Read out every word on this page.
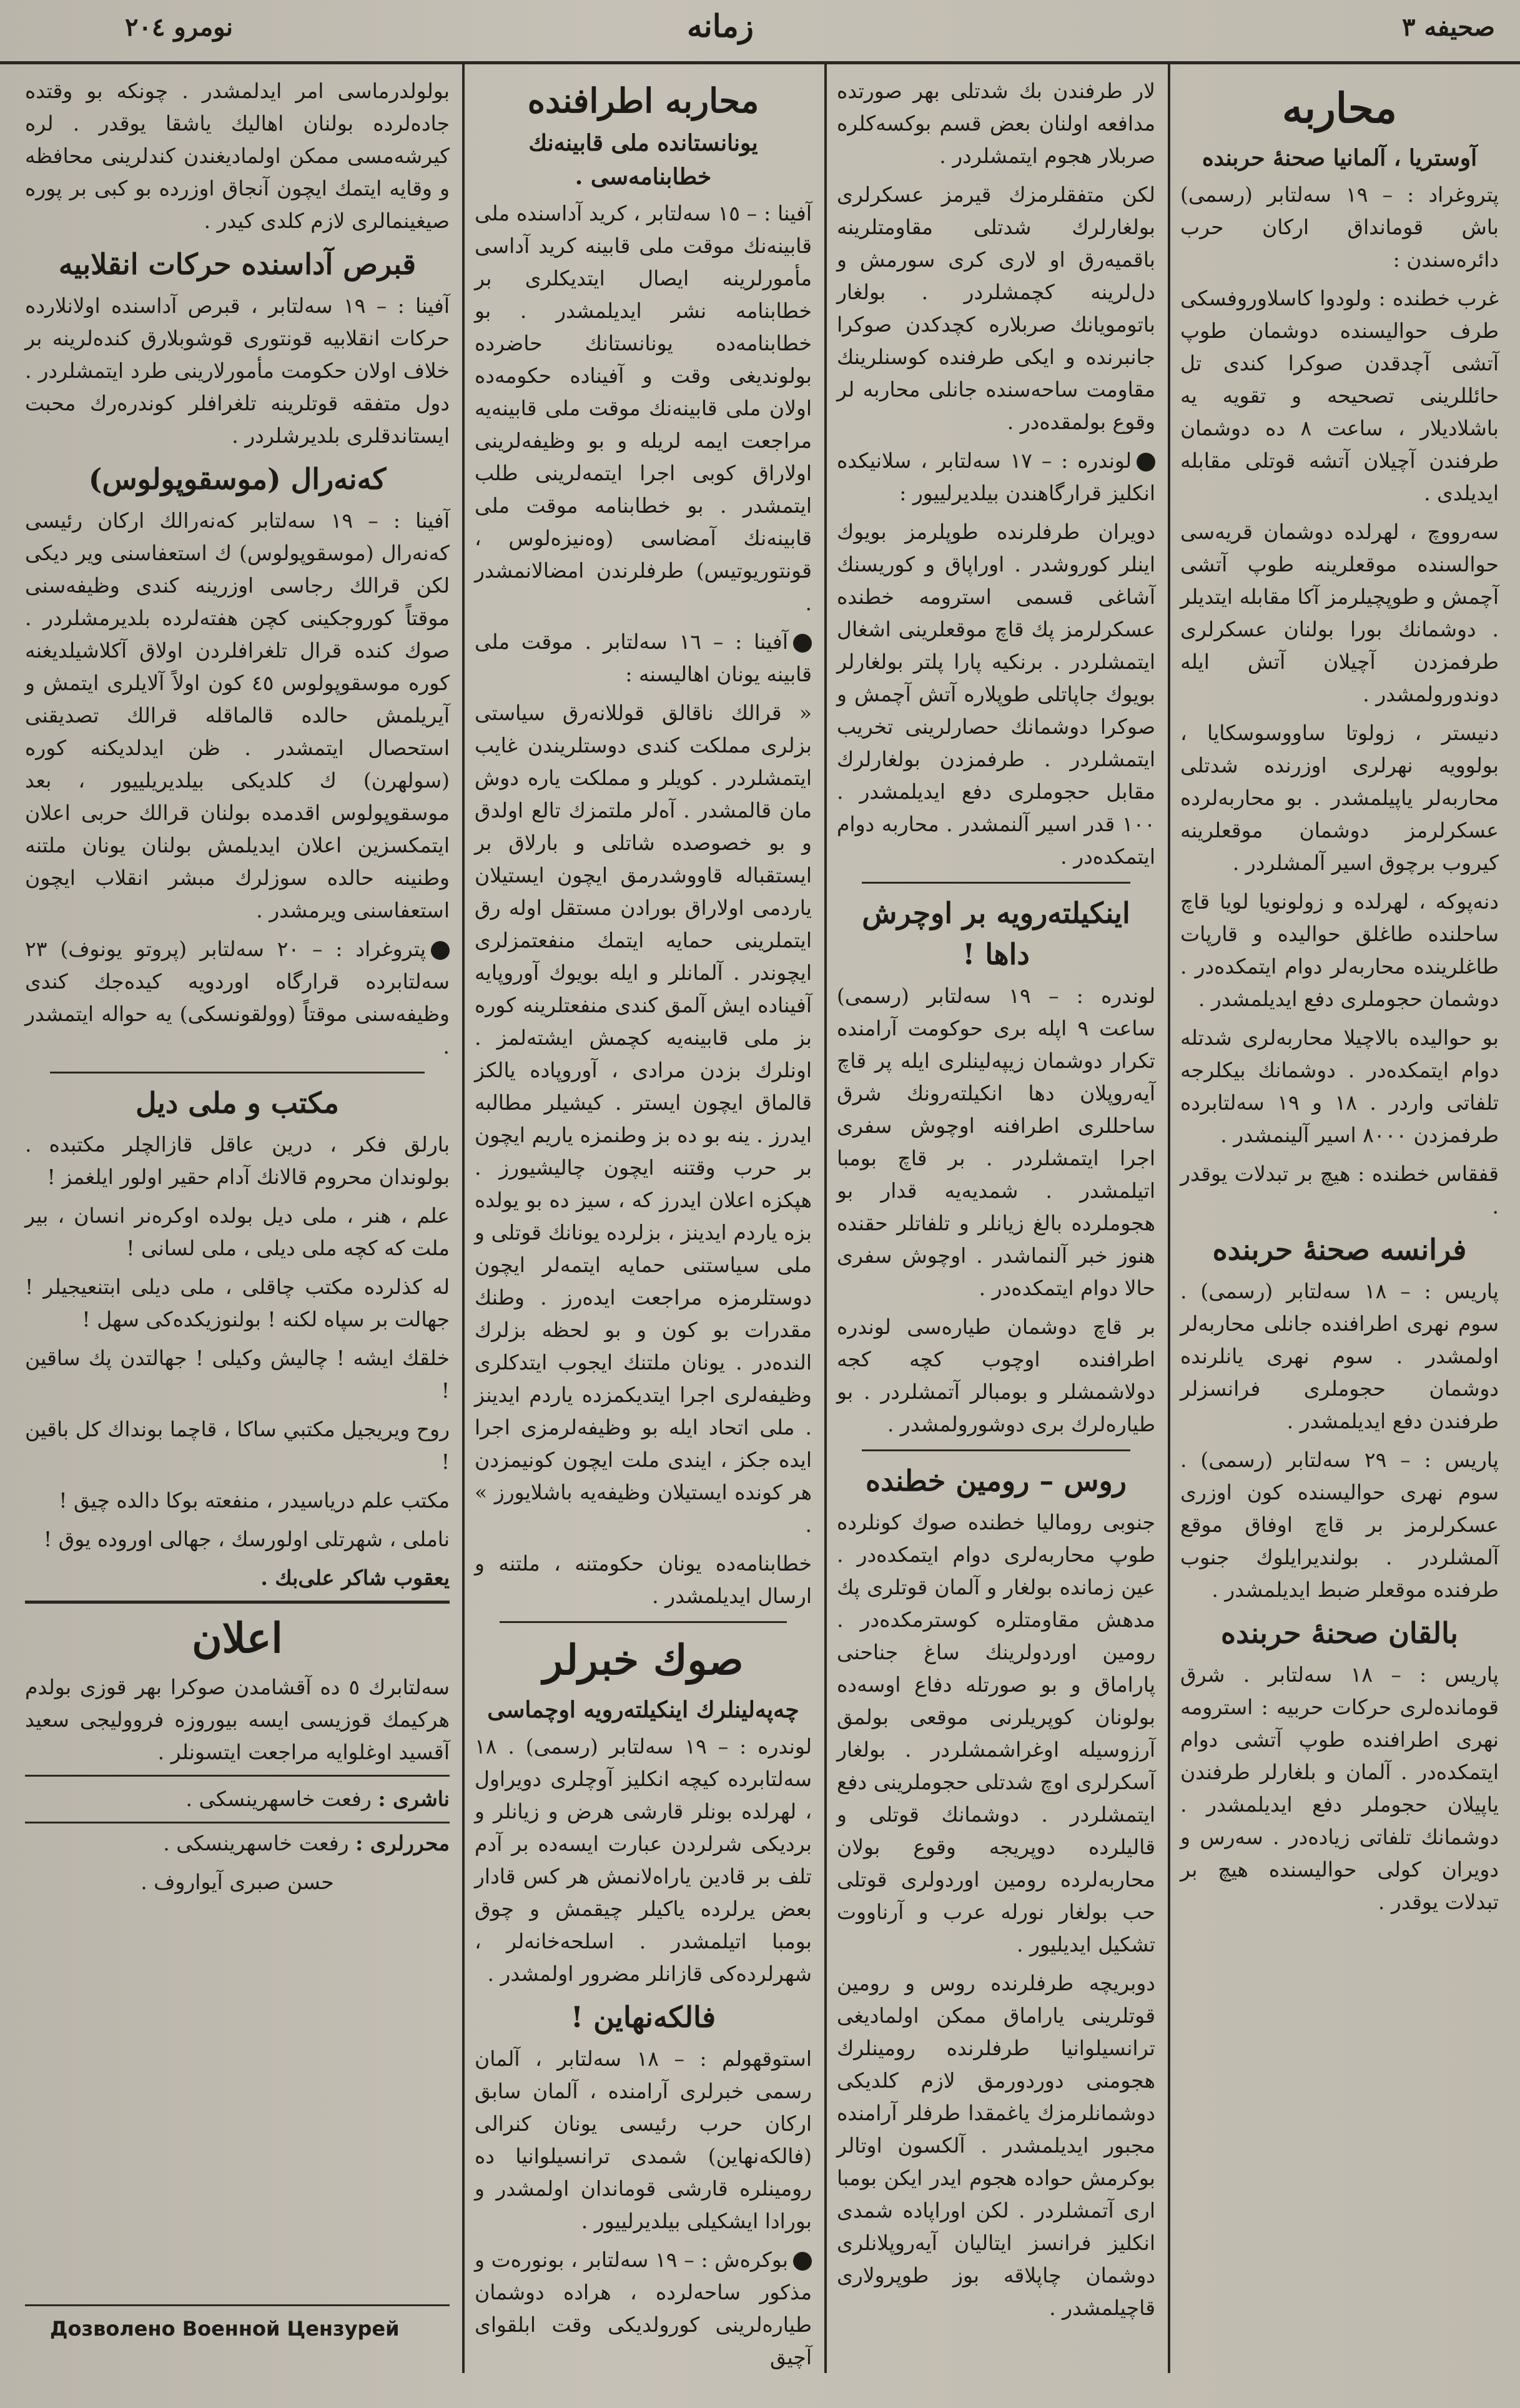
صحيفه ٣
زمانه
نومرو ٢٠٤
محاربه
آوستريا ، آلمانيا صحنۀ حربنده

پتروغراد : – ١٩ سه‌لتابر (رسمى) باش قومانداق اركان حرب دائره‌سندن :

غرب خطنده : ولودوا كاسلاوروفسكى طرف حواليسنده دوشمان طوپ آتشى آچدقدن صوكرا كندى تل حائللرينى تصحيحه و تقويه يه باشلاديلار ، ساعت ٨ ده دوشمان طرفندن آچيلان آتشه قوتلى مقابله ايديلدى .

سه‌رووچ ، لهرلده دوشمان قريه‌سى حوالسنده موقعلرينه طوپ آتشى آچمش و طوپچيلرمز آكا مقابله ايتديلر . دوشمانك بورا بولنان عسكرلرى طرفمزدن آچيلان آتش ايله دوندورولمشدر .

دنيستر ، زولوتا ساووسوسكايا ، بولوويه نهرلرى اوزرنده شدتلى محاربه‌لر ياپيلمشدر . بو محاربه‌لرده عسكرلرمز دوشمان موقعلرينه كيروب برچوق اسير آلمشلردر .

دنه‌پوكه ، لهرلده و زولونويا لويا قاچ ساحلنده طاغلق حواليده و قارپات طاغلرينده محاربه‌لر دوام ايتمكده‌در . دوشمان حجوملرى دفع ايديلمشدر .

بو حواليده بالاچيلا محاربه‌لرى شدتله دوام ايتمكده‌در . دوشمانك بيكلرجه تلفاتى واردر . ١٨ و ١٩ سه‌لتابرده طرفمزدن ٨٠٠٠ اسير آلينمشدر .

قفقاس خطنده : هيچ بر تبدلات يوقدر .

فرانسه صحنۀ حربنده

پاريس : – ١٨ سه‌لتابر (رسمى) . سوم نهرى اطرافنده جانلى محاربه‌لر اولمشدر . سوم نهرى يانلرنده دوشمان حجوملرى فرانسزلر طرفندن دفع ايديلمشدر .

پاريس : – ٢٩ سه‌لتابر (رسمى) . سوم نهرى حواليسنده كون اوزرى عسكرلرمز بر قاچ اوفاق موقع آلمشلردر . بولنديرايلوك جنوب طرفنده موقعلر ضبط ايديلمشدر .

بالقان صحنۀ حربنده

پاريس : – ١٨ سه‌لتابر . شرق قومانده‌لرى حركات حربيه : استرومه نهرى اطرافنده طوپ آتشى دوام ايتمكده‌در . آلمان و بلغارلر طرفندن ياپيلان حجوملر دفع ايديلمشدر . دوشمانك تلفاتى زياده‌در . سه‌رس و دويران كولى حواليسنده هيچ بر تبدلات يوقدر .

لار طرفندن بك شدتلى بهر صورتده مدافعه اولنان بعض قسم بوكسه‌كلره صربلار هجوم ايتمشلردر .

لكن متفقلرمزك قيرمز عسكرلرى بولغارلرك شدتلى مقاومتلرينه باقميه‌رق او لارى كرى سورمش و دل‌لرينه كچمشلردر . بولغار باتومويانك صربلاره كچدكدن صوكرا جانبرنده و ايكى طرفنده كوسنلرينك مقاومت ساحه‌سنده جانلى محاربه لر وقوع بولمقده‌در .

لوندره : – ١٧ سه‌لتابر ، سلانيكده انكليز قرارگاهندن بيلديرلييور :

دويران طرفلرنده طوپلرمز بويوك اينلر كوروشدر . اوراپاق و كوريسنك آشاغى قسمى استرومه خطنده عسكرلرمز پك قاچ موقعلرينى اشغال ايتمشلردر . برنكيه پارا پلتر بولغارلر بويوك جاپاتلى طوپلاره آتش آچمش و صوكرا دوشمانك حصارلرينى تخريب ايتمشلردر . طرفمزدن بولغارلرك مقابل حجوملرى دفع ايديلمشدر . ١٠٠ قدر اسير آلنمشدر . محاربه دوام ايتمكده‌در .

اينكيلته‌رويه بر اوچرش داها !

لوندره : – ١٩ سه‌لتابر (رسمى) ساعت ٩ اپله برى حوكومت آرامنده تكرار دوشمان زيپه‌لينلرى ايله پر قاچ آيه‌روپلان دها انكيلته‌رونك شرق ساحللرى اطرافنه اوچوش سفرى اجرا ايتمشلردر . بر قاچ بومبا اتيلمشدر . شمديه‌يه قدار بو هجوملرده بالغ زيانلر و تلفاتلر حقنده هنوز خبر آلنماشدر . اوچوش سفرى حالا دوام ايتمكده‌در .

بر قاچ دوشمان طياره‌سى لوندره اطرافنده اوچوب كچه كجه دولاشمشلر و بومبالر آتمشلردر . بو طياره‌لرك برى دوشورولمشدر .

روس – رومين خطنده

جنوبى روماليا خطنده صوك كونلرده طوپ محاربه‌لرى دوام ايتمكده‌در . عين زمانده بولغار و آلمان قوتلرى پك مدهش مقاومتلره كوسترمكده‌در . رومين اوردولرينك ساغ جناحنى پاراماق و بو صورتله دفاع اوسه‌ده بولونان كوپريلرنى موقعى بولمق آرزوسيله اوغراشمشلردر . بولغار آسكرلرى اوچ شدتلى حجوملرينى دفع ايتمشلردر . دوشمانك قوتلى و قاليلرده دوپريجه وقوع بولان محاربه‌لرده رومين اوردولرى قوتلى حب بولغار نورله عرب و آرناووت تشكيل ايديليور .

دوبريچه طرفلرنده روس و رومين قوتلرينى ياراماق ممكن اولماديغى ترانسيلوانيا طرفلرنده رومينلرك هجومنى دوردورمق لازم كلديكى دوشمانلرمزك ياغمقدا طرفلر آرامنده مجبور ايديلمشدر . آلكسون اوتالر بوكرمش حواده هجوم ايدر ايكن بومبا ارى آتمشلردر . لكن اوراپاده شمدى انكليز فرانسز ايتاليان آيه‌روپلانلرى دوشمان چاپلاقه بوز طوپرولارى قاچيلمشدر .

محاربه اطرافنده
يونانستانده ملى قابينه‌نك خطابنامه‌سى .

آفينا : – ١٥ سه‌لتابر ، كريد آداسنده ملى قابينه‌نك موقت ملى قابينه كريد آداسى مأمورلرينه ايصال ايتديكلرى بر خطابنامه نشر ايديلمشدر . بو خطابنامه‌ده يونانستانك حاضرده بولونديغى وقت و آفيناده حكومه‌ده اولان ملى قابينه‌نك موقت ملى قابينه‌يه مراجعت ايمه لريله و بو وظيفه‌لرينى اولاراق كوبى اجرا ايتمه‌لرينى طلب ايتمشدر . بو خطابنامه موقت ملى قابينه‌نك آمضاسى (وه‌نيزه‌لوس ، قونتوريوتيس) طرفلرندن امضالانمشدر .

آفينا : – ١٦ سه‌لتابر . موقت ملى قابينه يونان اهاليسنه :

« قرالك ناقالق قوللانه‌رق سياستى بزلرى مملكت كندى دوستلريندن غايب ايتمشلردر . كويلر و مملكت ياره دوش مان قالمشدر . آه‌لر ملتمزك تالع اولدق و بو خصوصده شاتلى و بارلاق بر ايستقباله قاووشدرمق ايچون ايستيلان ياردمى اولاراق بورادن مستقل اوله رق ايتملرينى حمايه ايتمك منفعتمزلرى ايچوندر . آلمانلر و ايله بويوك آوروپايه آفيناده ايش آلمق كندى منفعتلرينه كوره بز ملى قابينه‌يه كچمش ايشته‌لمز . اونلرك بزدن مرادى ، آوروپاده يالكز قالماق ايچون ايستر . كيشيلر مطالبه ايدرز . ينه بو ده بز وطنمزه ياريم ايچون بر حرب وقتنه ايچون چاليشيورز . هپكزه اعلان ايدرز كه ، سيز ده بو يولده بزه ياردم ايدينز ، بزلرده يونانك قوتلى و ملى سياستنى حمايه ايتمه‌لر ايچون دوستلرمزه مراجعت ايده‌رز . وطنك مقدرات بو كون و بو لحظه بزلرك النده‌در . يونان ملتنك ايجوب ايتدكلرى وظيفه‌لرى اجرا ايتديكمزده ياردم ايدينز . ملى اتحاد ايله بو وظيفه‌لرمزى اجرا ايده جكز ، ايندى ملت ايچون كونيمزدن هر كونده ايستيلان وظيفه‌يه باشلايورز » .

خطابنامه‌ده يونان حكومتنه ، ملتنه و ارسال ايديلمشدر .

صوك خبرلر
چه‌په‌لينلرك اينكيلته‌رويه اوچماسى

لوندره : – ١٩ سه‌لتابر (رسمى) . ١٨ سه‌لتابرده كيچه انكليز آوچلرى دويراول ، لهرلده بونلر قارشى هرض و زيانلر و برديكى شرلردن عبارت ايسه‌ده بر آدم تلف بر قادين ياراه‌لانمش هر كس قادار بعض يرلرده ياكيلر چيقمش و چوق بومبا اتيلمشدر . اسلحه‌خانه‌لر ، شهرلرده‌كى قازانلر مضرور اولمشدر .

فالكه‌نهاين !

استوقهولم : – ١٨ سه‌لتابر ، آلمان رسمى خبرلرى آرامنده ، آلمان سابق اركان حرب رئيسى يونان كنرالى (فالكه‌نهاين) شمدى ترانسيلوانيا ده رومينلره قارشى قوماندان اولمشدر و بورادا ايشكيلى بيلديرلييور .

بوكره‌ش : – ١٩ سه‌لتابر ، بونوره‌ت و مذكور ساحه‌لرده ، هراده دوشمان طياره‌لرينى كورولديكى وقت ابلقواى آچيق

بولولدرماسى امر ايدلمشدر . چونكه بو وقتده جاده‌لرده بولنان اهاليك ياشقا يوقدر . لره كيرشه‌مسى ممكن اولماديغندن كندلرينى محافظه و وقايه ايتمك ايچون آنجاق اوزرده بو كبى بر پوره صيغينمالرى لازم كلدى كيدر .

قبرص آداسنده حركات انقلابيه

آفينا : – ١٩ سه‌لتابر ، قبرص آداسنده اولانلارده حركات انقلابيه قونتورى قوشوبلارق كنده‌لرينه بر خلاف اولان حكومت مأمورلارينى طرد ايتمشلردر . دول متفقه قوتلرينه تلغرافلر كوندره‌رك محبت ايستاندقلرى بلديرشلردر .

كه‌نه‌رال (موسقوپولوس)

آفينا : – ١٩ سه‌لتابر كه‌نه‌رالك اركان رئيسى كه‌نه‌رال (موسقوپولوس) ك استعفاسنى وير ديكى لكن قرالك رجاسى اوزرينه كندى وظيفه‌سنى موقتاً كوروجكينى كچن هفته‌لرده بلديرمشلردر . صوك كنده قرال تلغرافلردن اولاق آكلاشيلديغنه كوره موسقوپولوس ٤٥ كون اولاً آلايلرى ايتمش و آيريلمش حالده قالماقله قرالك تصديقنى استحصال ايتمشدر . ظن ايدلديكنه كوره (سولهرن) ك كلديكى بيلديريلييور ، بعد موسقوپولوس اقدمده بولنان قرالك حربى اعلان ايتمكسزين اعلان ايديلمش بولنان يونان ملتنه وطنينه حالده سوزلرك مبشر انقلاب ايچون استعفاسنى ويرمشدر .

پتروغراد : – ٢٠ سه‌لتابر (پروتو يونوف) ٢٣ سه‌لتابرده قرارگاه اوردويه كيده‌جك كندى وظيفه‌سنى موقتاً (وولقونسكى) يه حواله ايتمشدر .

مكتب و ملى ديل

بارلق فكر ، درين عاقل قازالچلر مكتبده . بولوندان محروم قالانك آدام حقير اولور ايلغمز !

علم ، هنر ، ملى ديل بولده اوكره‌نر انسان ، بير ملت كه كچه ملى ديلى ، ملى لسانى !

له كذلرده مكتب چاقلى ، ملى ديلى ابتنعيجيلر ! جهالت بر سپاه لكنه ! بولنوزيكده‌كى سهل !

خلقك ايشه ! چاليش وكيلى ! جهالتدن پك ساقين !

روح ويريجيل مكتبي ساكا ، قاچما بونداك كل باقين !

مكتب علم درياسيدر ، منفعته بوكا دالده چيق !

ناملى ، شهرتلى اولورسك ، جهالى اوروده يوق !

يعقوب شاكر على‌بك .

اعلان

سه‌لتابرك ٥ ده آقشامدن صوكرا بهر قوزى بولدم هركيمك قوزيسى ايسه بيوروزه فرووليجى سعيد آقسيد اوغلوايه مراجعت ايتسونلر .

ناشرى : رفعت خاسهرينسكى .

محررلرى : رفعت خاسهرينسكى .

حسن صبرى آيواروف .

Дозволено Военной Цензурей
